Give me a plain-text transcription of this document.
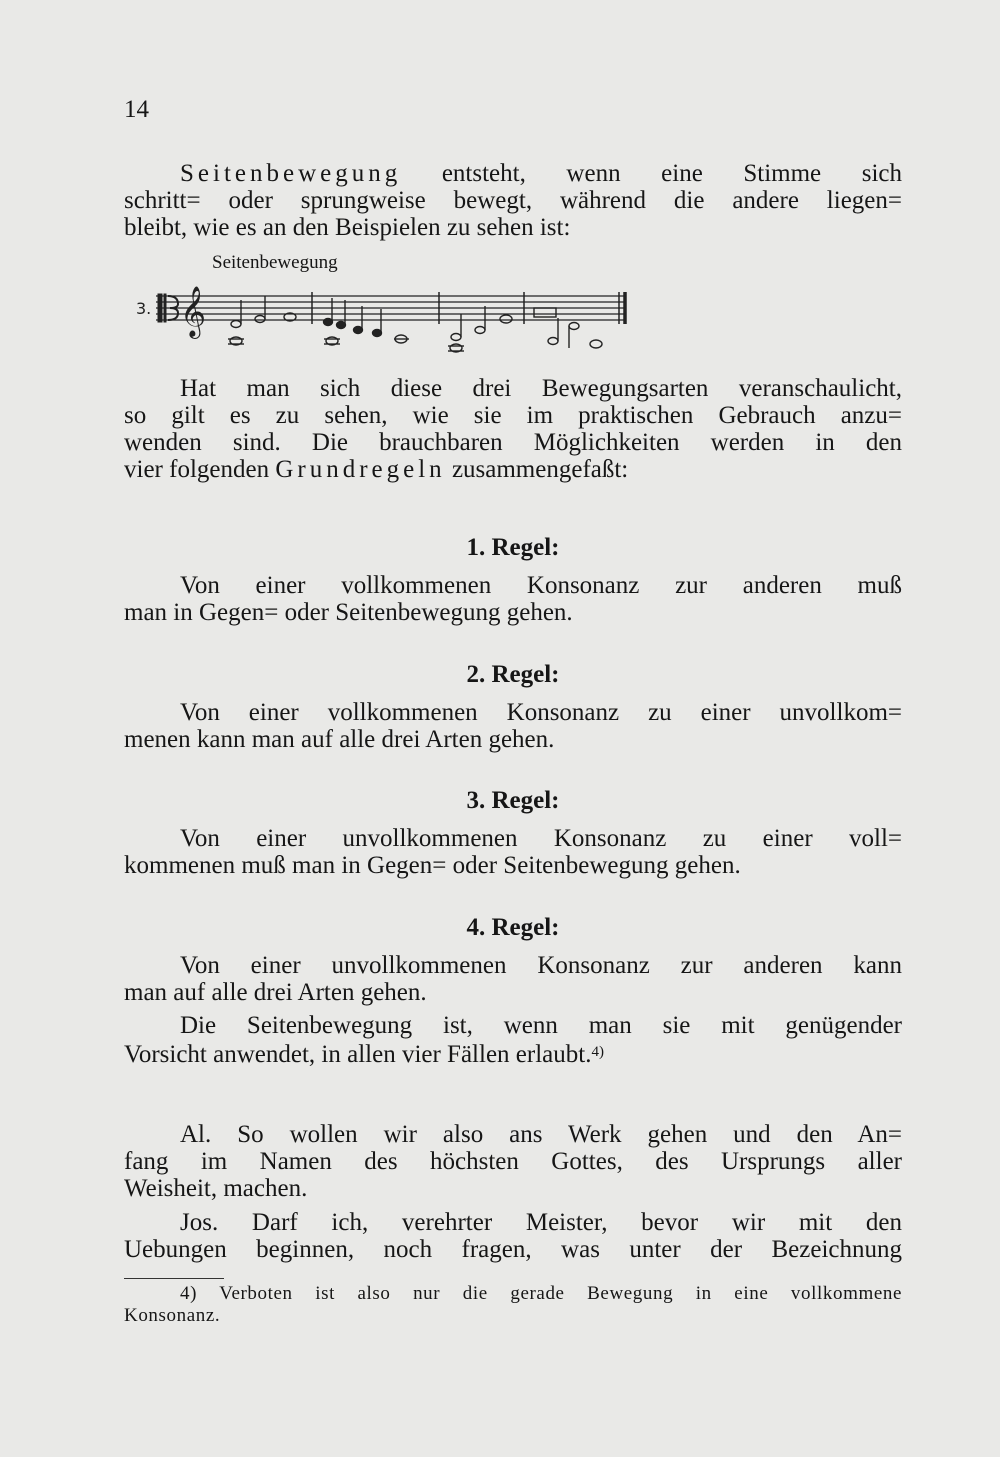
14
Seitenbewegung entsteht, wenn eine Stimme sich
schritt= oder sprungweise bewegt, während die andere liegen=
bleibt, wie es an den Beispielen zu sehen ist:
Seitenbewegung
3. 𝄞
Hat man sich diese drei Bewegungsarten veranschaulicht,
so gilt es zu sehen, wie sie im praktischen Gebrauch anzu=
wenden sind. Die brauchbaren Möglichkeiten werden in den
vier folgenden Grundregeln zusammengefaßt:
1. Regel:
Von einer vollkommenen Konsonanz zur anderen muß
man in Gegen= oder Seitenbewegung gehen.
2. Regel:
Von einer vollkommenen Konsonanz zu einer unvollkom=
menen kann man auf alle drei Arten gehen.
3. Regel:
Von einer unvollkommenen Konsonanz zu einer voll=
kommenen muß man in Gegen= oder Seitenbewegung gehen.
4. Regel:
Von einer unvollkommenen Konsonanz zur anderen kann
man auf alle drei Arten gehen.
Die Seitenbewegung ist, wenn man sie mit genügender
Vorsicht anwendet, in allen vier Fällen erlaubt.$^{4)}$
Al. So wollen wir also ans Werk gehen und den An=
fang im Namen des höchsten Gottes, des Ursprungs aller
Weisheit, machen.
Jos. Darf ich, verehrter Meister, bevor wir mit den
Uebungen beginnen, noch fragen, was unter der Bezeichnung
4) Verboten ist also nur die gerade Bewegung in eine vollkommene
Konsonanz.
